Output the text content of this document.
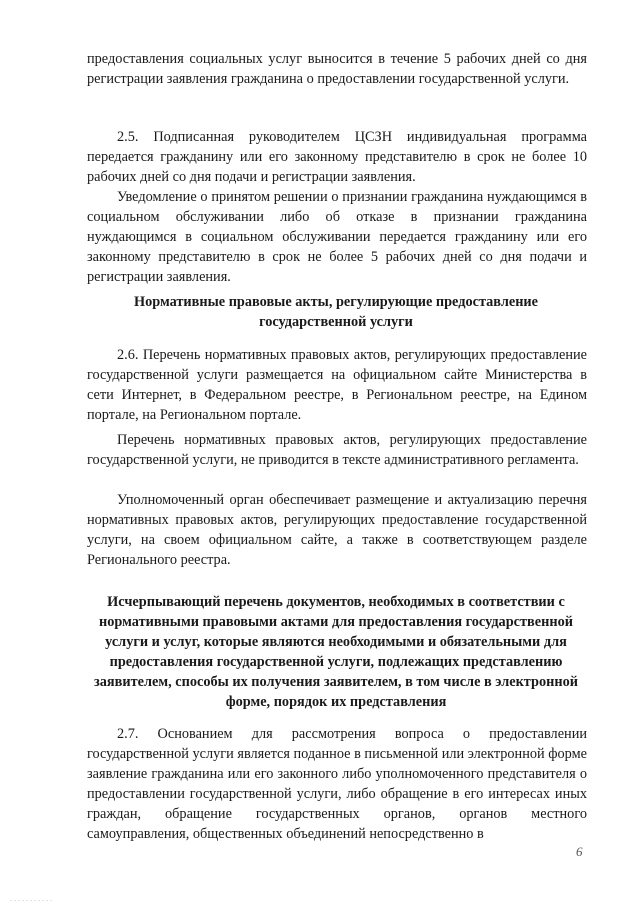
предоставления социальных услуг выносится в течение 5 рабочих дней со дня регистрации заявления гражданина о предоставлении государственной услуги.
2.5. Подписанная руководителем ЦСЗН индивидуальная программа передается гражданину или его законному представителю в срок не более 10 рабочих дней со дня подачи и регистрации заявления.
Уведомление о принятом решении о признании гражданина нуждающимся в социальном обслуживании либо об отказе в признании гражданина нуждающимся в социальном обслуживании передается гражданину или его законному представителю в срок не более 5 рабочих дней со дня подачи и регистрации заявления.
Нормативные правовые акты, регулирующие предоставление государственной услуги
2.6. Перечень нормативных правовых актов, регулирующих предоставление государственной услуги размещается на официальном сайте Министерства в сети Интернет, в Федеральном реестре, в Региональном реестре, на Едином портале, на Региональном портале.
Перечень нормативных правовых актов, регулирующих предоставление государственной услуги, не приводится в тексте административного регламента.
Уполномоченный орган обеспечивает размещение и актуализацию перечня нормативных правовых актов, регулирующих предоставление государственной услуги, на своем официальном сайте, а также в соответствующем разделе Регионального реестра.
Исчерпывающий перечень документов, необходимых в соответствии с нормативными правовыми актами для предоставления государственной услуги и услуг, которые являются необходимыми и обязательными для предоставления государственной услуги, подлежащих представлению заявителем, способы их получения заявителем, в том числе в электронной форме, порядок их представления
2.7. Основанием для рассмотрения вопроса о предоставлении государственной услуги является поданное в письменной или электронной форме заявление гражданина или его законного либо уполномоченного представителя о предоставлении государственной услуги, либо обращение в его интересах иных граждан, обращение государственных органов, органов местного самоуправления, общественных объединений непосредственно в
6
...........
